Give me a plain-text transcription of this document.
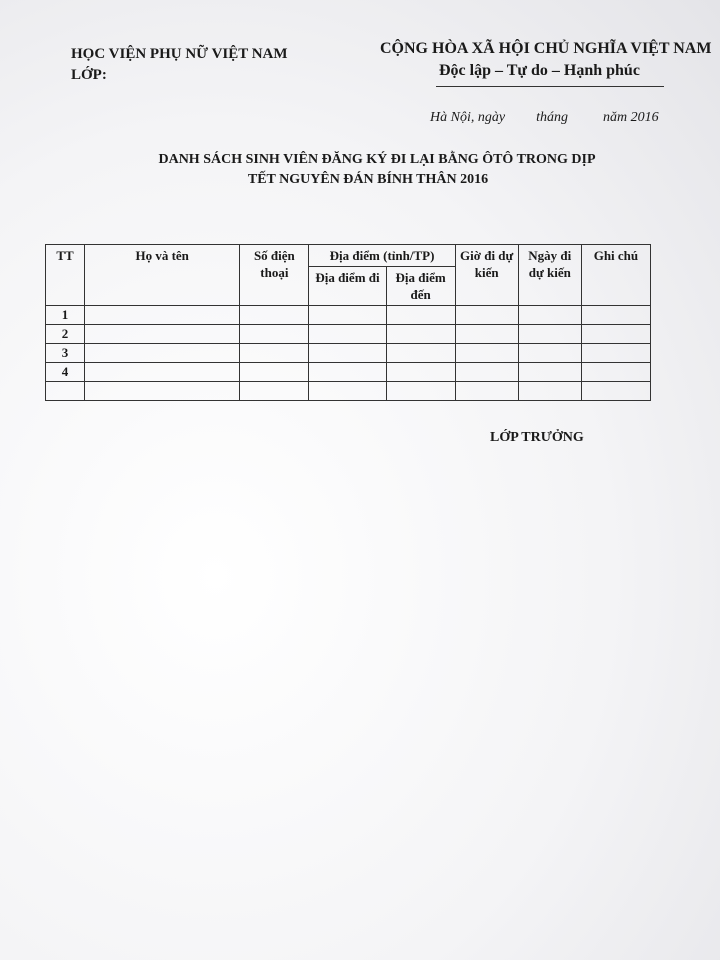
HỌC VIỆN PHỤ NỮ VIỆT NAM
LỚP:
CỘNG HÒA XÃ HỘI CHỦ NGHĨA VIỆT NAM
Độc lập – Tự do – Hạnh phúc
Hà Nội, ngày tháng	năm 2016
DANH SÁCH SINH VIÊN ĐĂNG KÝ ĐI LẠI BẰNG ÔTÔ TRONG DỊP
TẾT NGUYÊN ĐÁN BÍNH THÂN 2016
TT	Họ và tên	Số điện thoại	Địa điểm (tỉnh/TP)		Giờ đi dự kiến	Ngày đi dự kiến	Ghi chú
			Địa điểm đi	Địa điểm đến			
1							
2							
3							
4							

LỚP TRƯỞNG
